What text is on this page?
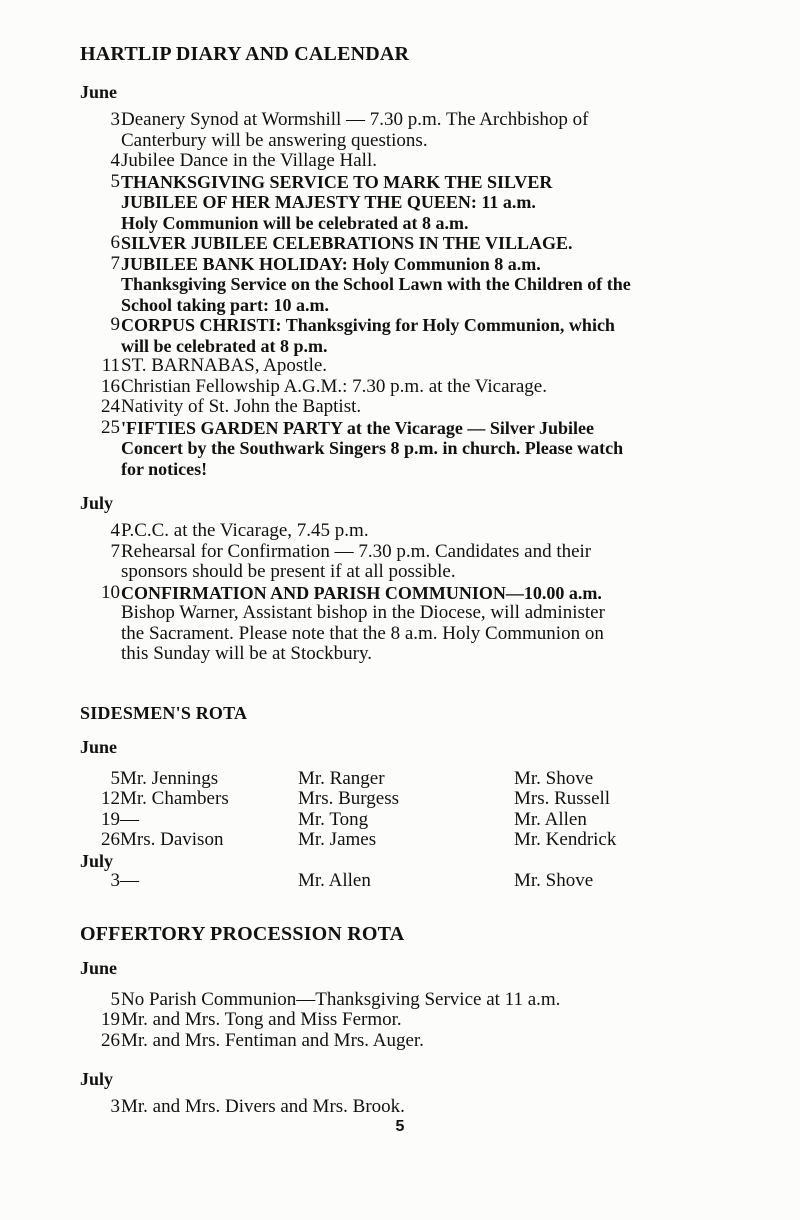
HARTLIP DIARY AND CALENDAR
June
3 Deanery Synod at Wormshill — 7.30 p.m. The Archbishop of
Canterbury will be answering questions.
4 Jubilee Dance in the Village Hall.
5 THANKSGIVING SERVICE TO MARK THE SILVER
JUBILEE OF HER MAJESTY THE QUEEN: 11 a.m.
Holy Communion will be celebrated at 8 a.m.
6 SILVER JUBILEE CELEBRATIONS IN THE VILLAGE.
7 JUBILEE BANK HOLIDAY: Holy Communion 8 a.m.
Thanksgiving Service on the School Lawn with the Children of the
School taking part: 10 a.m.
9 CORPUS CHRISTI: Thanksgiving for Holy Communion, which
will be celebrated at 8 p.m.
11 ST. BARNABAS, Apostle.
16 Christian Fellowship A.G.M.: 7.30 p.m. at the Vicarage.
24 Nativity of St. John the Baptist.
25 'FIFTIES GARDEN PARTY at the Vicarage — Silver Jubilee
Concert by the Southwark Singers 8 p.m. in church. Please watch
for notices!
July
4 P.C.C. at the Vicarage, 7.45 p.m.
7 Rehearsal for Confirmation — 7.30 p.m. Candidates and their
sponsors should be present if at all possible.
10 CONFIRMATION AND PARISH COMMUNION—10.00 a.m.
Bishop Warner, Assistant bishop in the Diocese, will administer
the Sacrament. Please note that the 8 a.m. Holy Communion on
this Sunday will be at Stockbury.
SIDESMEN'S ROTA
June
5 Mr. Jennings	Mr. Ranger	Mr. Shove
12 Mr. Chambers	Mrs. Burgess	Mrs. Russell
19 —	Mr. Tong	Mr. Allen
26 Mrs. Davison	Mr. James	Mr. Kendrick
July
3 —	Mr. Allen	Mr. Shove
OFFERTORY PROCESSION ROTA
June
5 No Parish Communion—Thanksgiving Service at 11 a.m.
19 Mr. and Mrs. Tong and Miss Fermor.
26 Mr. and Mrs. Fentiman and Mrs. Auger.
July
3 Mr. and Mrs. Divers and Mrs. Brook.
5
